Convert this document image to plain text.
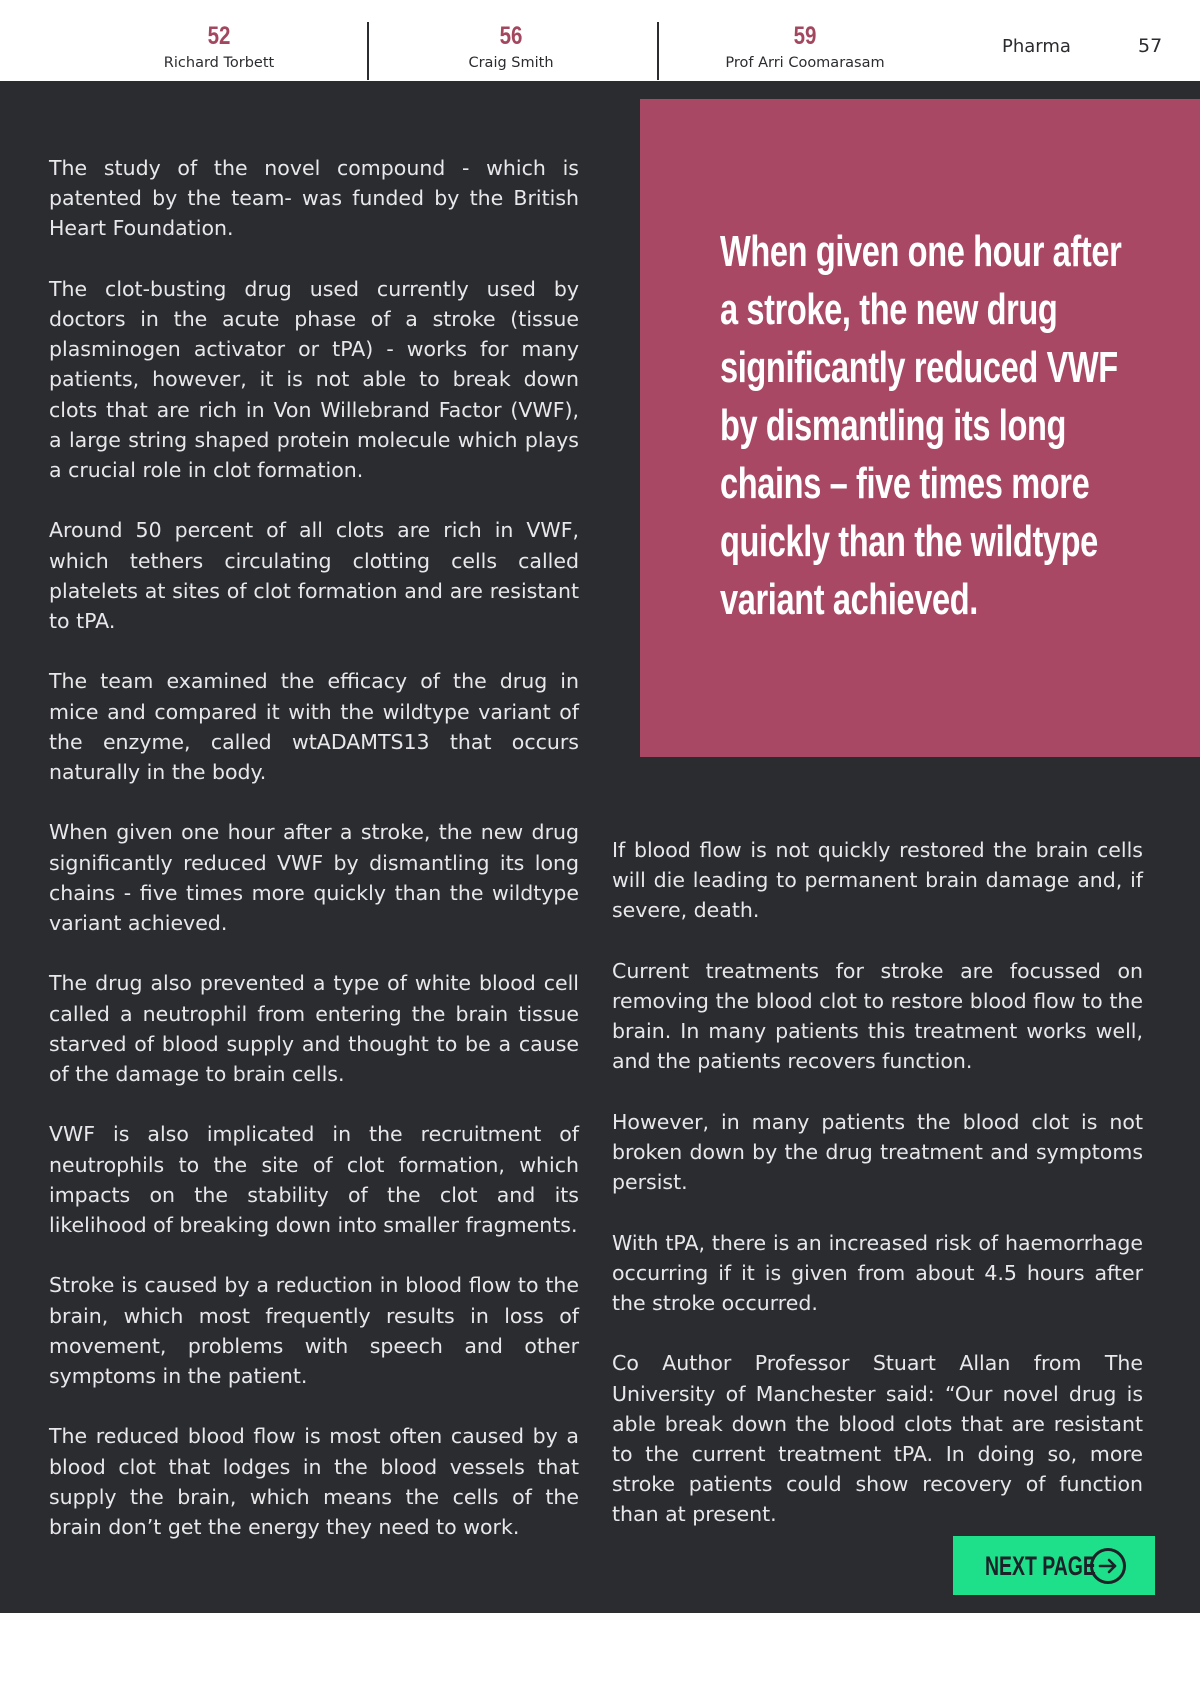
52
Richard Torbett
56
Craig Smith
59
Prof Arri Coomarasam
Pharma	57

The study of the novel compound - which is patented by the team- was funded by the British Heart Foundation.

The clot-busting drug used currently used by doctors in the acute phase of a stroke (tissue plasminogen activator or tPA) - works for many patients, however, it is not able to break down clots that are rich in Von Willebrand Factor (VWF), a large string shaped protein molecule which plays a crucial role in clot formation.

Around 50 percent of all clots are rich in VWF, which tethers circulating clotting cells called platelets at sites of clot formation and are resistant to tPA.

The team examined the efficacy of the drug in mice and compared it with the wildtype variant of the enzyme, called wtADAMTS13 that occurs naturally in the body.

When given one hour after a stroke, the new drug significantly reduced VWF by dismantling its long chains - five times more quickly than the wildtype variant achieved.

The drug also prevented a type of white blood cell called a neutrophil from entering the brain tissue starved of blood supply and thought to be a cause of the damage to brain cells.

VWF is also implicated in the recruitment of neutrophils to the site of clot formation, which impacts on the stability of the clot and its likelihood of breaking down into smaller fragments.

Stroke is caused by a reduction in blood flow to the brain, which most frequently results in loss of movement, problems with speech and other symptoms in the patient.

The reduced blood flow is most often caused by a blood clot that lodges in the blood vessels that supply the brain, which means the cells of the brain don’t get the energy they need to work.

When given one hour after
a stroke, the new drug
significantly reduced VWF
by dismantling its long
chains – five times more
quickly than the wildtype
variant achieved.

If blood flow is not quickly restored the brain cells will die leading to permanent brain damage and, if severe, death.

Current treatments for stroke are focussed on removing the blood clot to restore blood flow to the brain. In many patients this treatment works well, and the patients recovers function.

However, in many patients the blood clot is not broken down by the drug treatment and symptoms persist.

With tPA, there is an increased risk of haemorrhage occurring if it is given from about 4.5 hours after the stroke occurred.

Co Author Professor Stuart Allan from The University of Manchester said: “Our novel drug is able break down the blood clots that are resistant to the current treatment tPA. In doing so, more stroke patients could show recovery of function than at present.

NEXT PAGE
